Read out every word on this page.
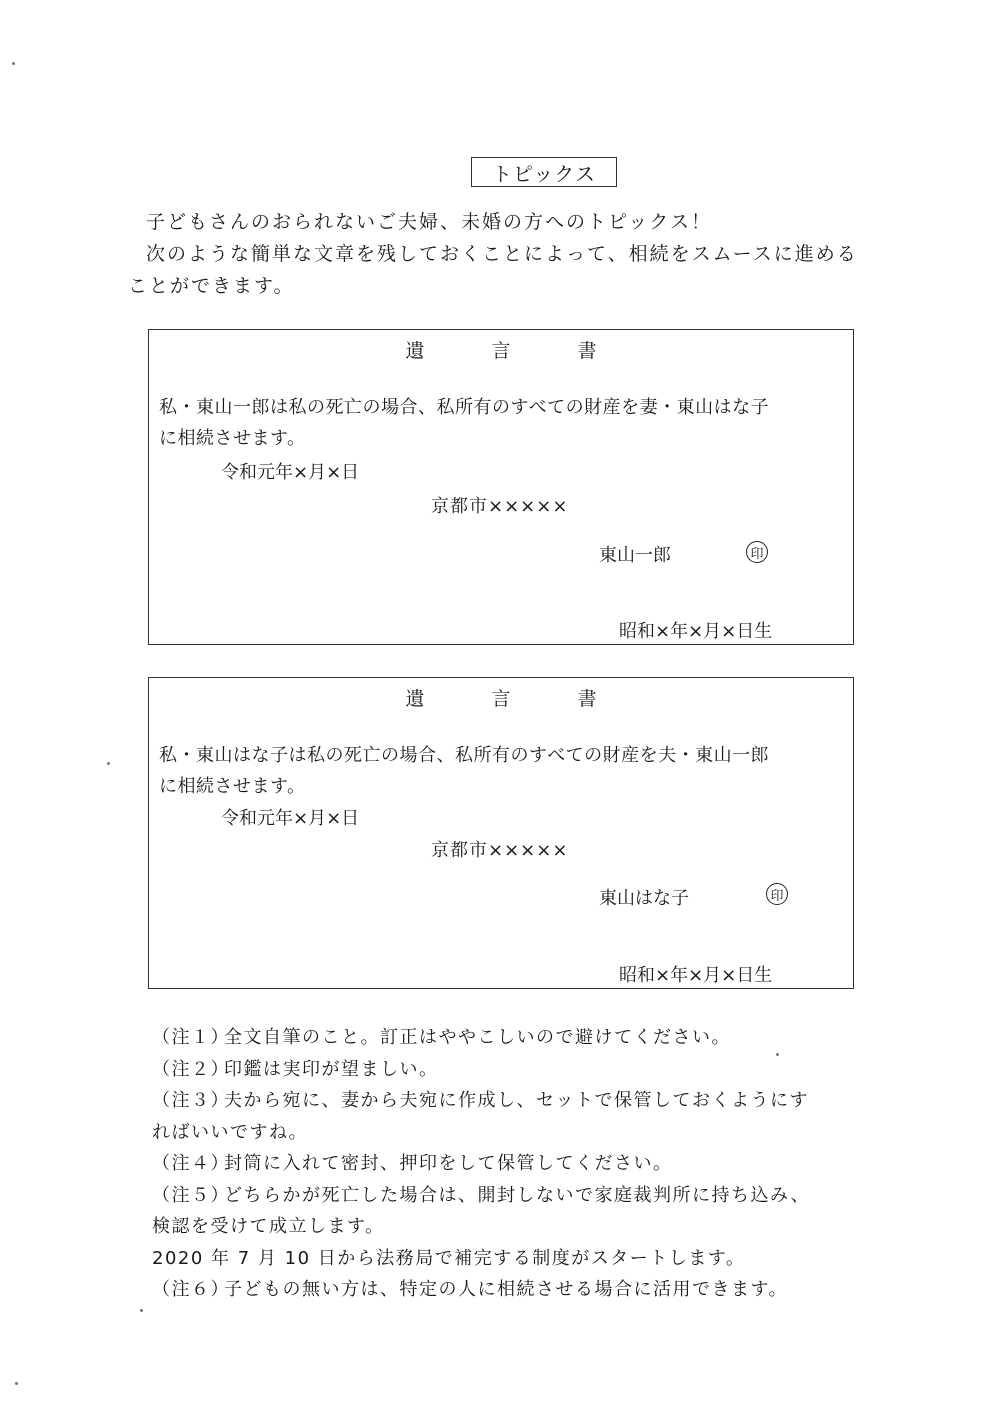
トピックス

子どもさんのおられないご夫婦、未婚の方へのトピックス！

次のような簡単な文章を残しておくことによって、相続をスムースに進める

ことができます。

遺　言　書
私・東山一郎は私の死亡の場合、私所有のすべての財産を妻・東山はな子
に相続させます。
令和元年×月×日
京都市×××××
東山一郎	印
昭和×年×月×日生
遺　言　書
私・東山はな子は私の死亡の場合、私所有のすべての財産を夫・東山一郎
に相続させます。
令和元年×月×日
京都市×××××
東山はな子	印
昭和×年×月×日生
（注１）
全文自筆のこと。訂正はややこしいので避けてください。
（注２）
印鑑は実印が望ましい。
（注３）
夫から宛に、妻から夫宛に作成し、セットで保管しておくようにす
ればいいですね。
（注４）
封筒に入れて密封、押印をして保管してください。
（注５）
どちらかが死亡した場合は、開封しないで家庭裁判所に持ち込み、
検認を受けて成立します。
2020 年 7 月 10 日から法務局で補完する制度がスタートします。
（注６）
子どもの無い方は、特定の人に相続させる場合に活用できます。
